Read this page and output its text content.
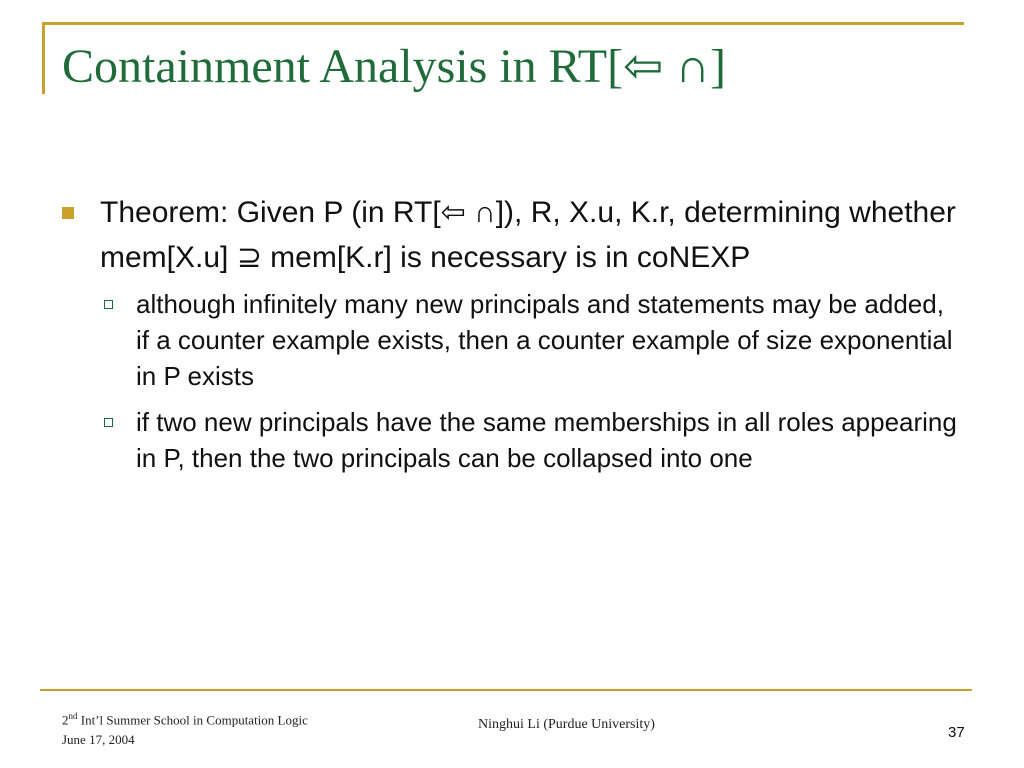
Containment Analysis in RT[⇦ ∩]
Theorem: Given P (in RT[⇦ ∩]), R, X.u, K.r, determining whether mem[X.u] ⊇ mem[K.r] is necessary is in coNEXP
although infinitely many new principals and statements may be added, if a counter example exists, then a counter example of size exponential in P exists
if two new principals have the same memberships in all roles appearing in P, then the two principals can be collapsed into one
2nd Int’l Summer School in Computation Logic
June 17, 2004
Ninghui Li (Purdue University)	37
